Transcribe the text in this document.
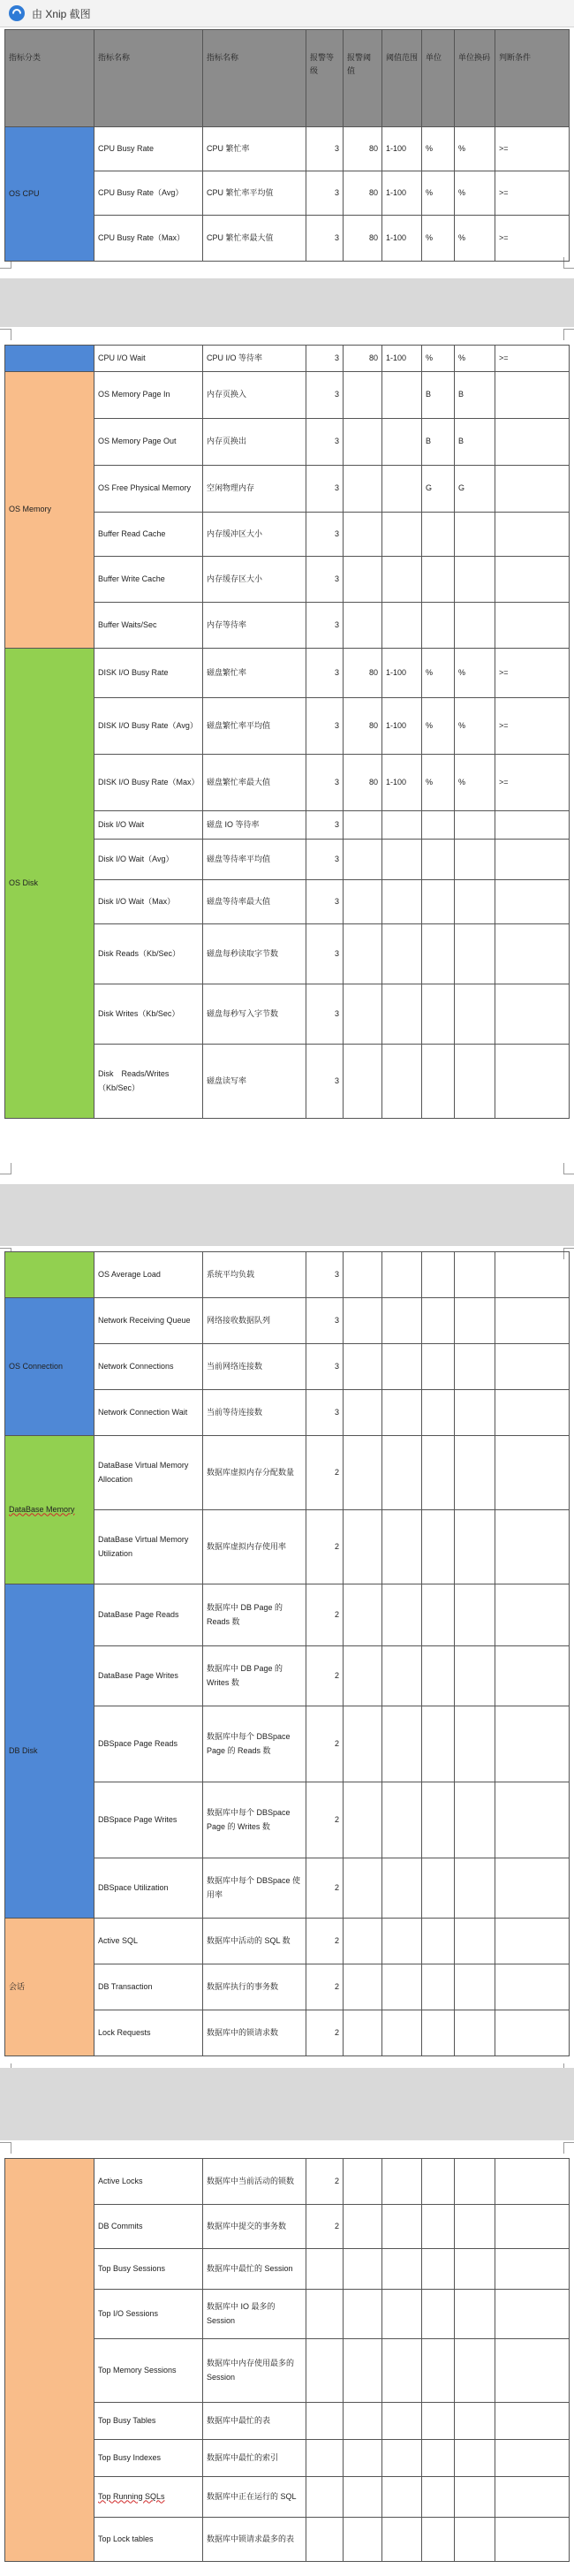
由 Xnip 截图
指标分类	指标名称	指标名称	报警等级	报警阈值	阈值范围	单位	单位换码	判断条件
OS CPU	CPU Busy Rate	CPU 繁忙率	3	80	1-100	%	%	>=
	CPU Busy Rate（Avg）	CPU 繁忙率平均值	3	80	1-100	%	%	>=
	CPU Busy Rate（Max）	CPU 繁忙率最大值	3	80	1-100	%	%	>=
	CPU I/O Wait	CPU I/O 等待率	3	80	1-100	%	%	>=
OS Memory	OS Memory Page In	内存页换入	3			B	B	
	OS Memory Page Out	内存页换出	3			B	B	
	OS Free Physical Memory	空闲物理内存	3			G	G	
	Buffer Read Cache	内存缓冲区大小	3					
	Buffer Write Cache	内存缓存区大小	3					
	Buffer Waits/Sec	内存等待率	3					
OS Disk	DISK I/O Busy Rate	磁盘繁忙率	3	80	1-100	%	%	>=
	DISK I/O Busy Rate（Avg）	磁盘繁忙率平均值	3	80	1-100	%	%	>=
	DISK I/O Busy Rate（Max）	磁盘繁忙率最大值	3	80	1-100	%	%	>=
	Disk I/O Wait	磁盘 IO 等待率	3					
	Disk I/O Wait（Avg）	磁盘等待率平均值	3					
	Disk I/O Wait（Max）	磁盘等待率最大值	3					
	Disk Reads（Kb/Sec）	磁盘每秒读取字节数	3					
	Disk Writes（Kb/Sec）	磁盘每秒写入字节数	3					
	Disk　Reads/Writes（Kb/Sec）	磁盘读写率	3					
	OS Average Load	系统平均负载	3					
OS Connection	Network Receiving Queue	网络接收数据队列	3					
	Network Connections	当前网络连接数	3					
	Network Connection Wait	当前等待连接数	3					
DataBase Memory	DataBase Virtual Memory Allocation	数据库虚拟内存分配数量	2					
	DataBase Virtual Memory Utilization	数据库虚拟内存使用率	2					
DB Disk	DataBase Page Reads	数据库中 DB Page 的 Reads 数	2					
	DataBase Page Writes	数据库中 DB Page 的 Writes 数	2					
	DBSpace Page Reads	数据库中每个 DBSpace Page 的 Reads 数	2					
	DBSpace Page Writes	数据库中每个 DBSpace Page 的 Writes 数	2					
	DBSpace Utilization	数据库中每个 DBSpace 使用率	2					
会话	Active SQL	数据库中活动的 SQL 数	2					
	DB Transaction	数据库执行的事务数	2					
	Lock Requests	数据库中的锁请求数	2					
	Active Locks	数据库中当前活动的锁数	2					
	DB Commits	数据库中提交的事务数	2					
	Top Busy Sessions	数据库中最忙的 Session						
	Top I/O Sessions	数据库中 IO 最多的 Session						
	Top Memory Sessions	数据库中内存使用最多的 Session						
	Top Busy Tables	数据库中最忙的表						
	Top Busy Indexes	数据库中最忙的索引						
	Top Running SQLs	数据库中正在运行的 SQL						
	Top Lock tables	数据库中锁请求最多的表						
